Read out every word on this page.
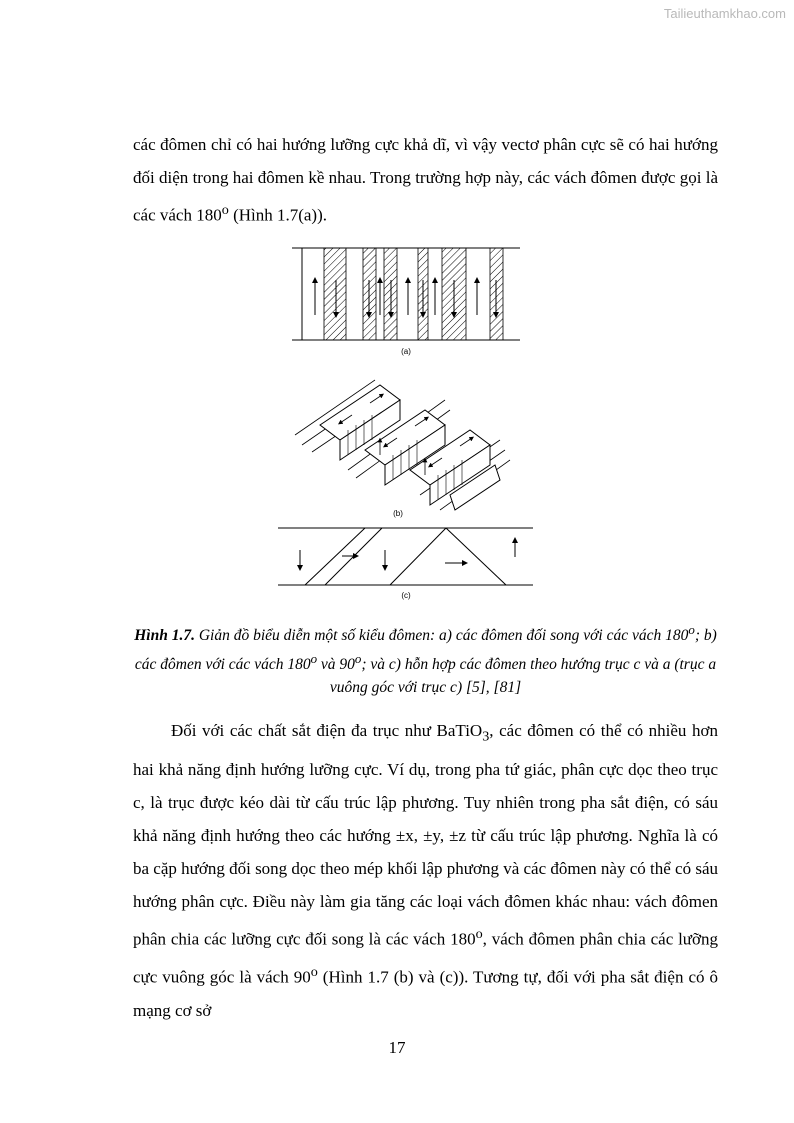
Tailieuthamkhao.com

các đômen chỉ có hai hướng lưỡng cực khả dĩ, vì vậy vectơ phân cực sẽ có hai hướng đối diện trong hai đômen kề nhau. Trong trường hợp này, các vách đômen được gọi là các vách 180$^o$ (Hình 1.7(a)).

(a)
(b)
(c)

Hình 1.7. Giản đồ biểu diễn một số kiểu đômen: a) các đômen đối song với các vách 180$^o$; b) các đômen với các vách 180$^o$ và 90$^o$; và c) hỗn hợp các đômen theo hướng trục c và a (trục a vuông góc với trục c) [5], [81]

Đối với các chất sắt điện đa trục như BaTiO$_3$, các đômen có thể có nhiều hơn hai khả năng định hướng lưỡng cực. Ví dụ, trong pha tứ giác, phân cực dọc theo trục c, là trục được kéo dài từ cấu trúc lập phương. Tuy nhiên trong pha sắt điện, có sáu khả năng định hướng theo các hướng ±x, ±y, ±z từ cấu trúc lập phương. Nghĩa là có ba cặp hướng đối song dọc theo mép khối lập phương và các đômen này có thể có sáu hướng phân cực. Điều này làm gia tăng các loại vách đômen khác nhau: vách đômen phân chia các lưỡng cực đối song là các vách 180$^o$, vách đômen phân chia các lưỡng cực vuông góc là vách 90$^o$ (Hình 1.7 (b) và (c)). Tương tự, đối với pha sắt điện có ô mạng cơ sở

17
